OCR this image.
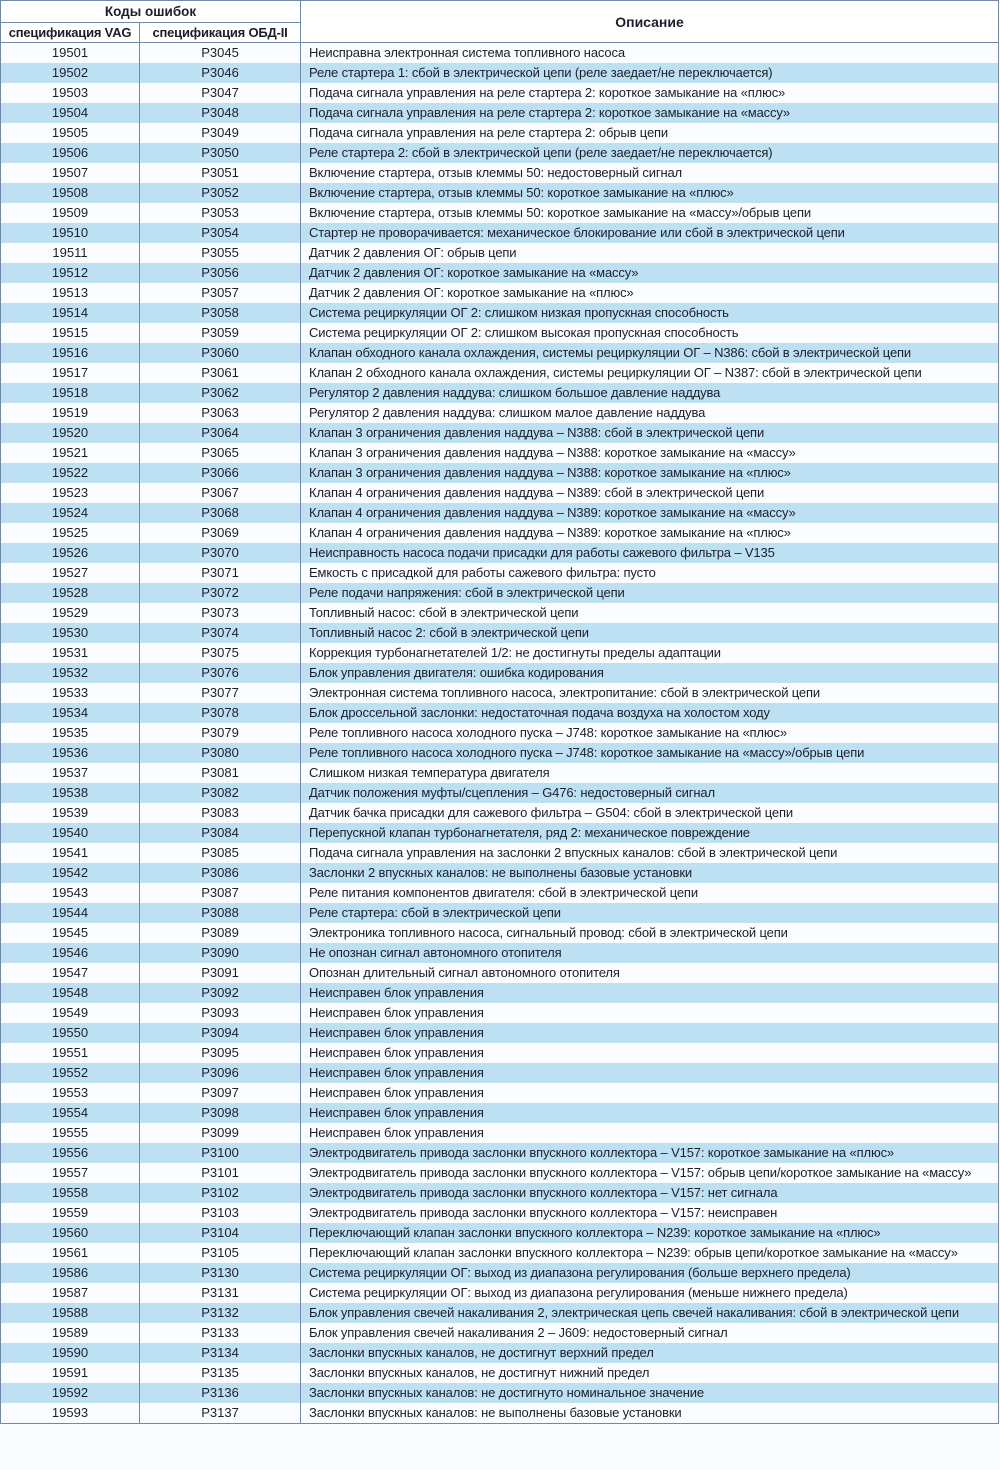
Коды ошибок		Описание
спецификация VAG	спецификация ОБД-II	
19501	P3045	Неисправна электронная система топливного насоса
19502	P3046	Реле стартера 1: сбой в электрической цепи (реле заедает/не переключается)
19503	P3047	Подача сигнала управления на реле стартера 2: короткое замыкание на «плюс»
19504	P3048	Подача сигнала управления на реле стартера 2: короткое замыкание на «массу»
19505	P3049	Подача сигнала управления на реле стартера 2: обрыв цепи
19506	P3050	Реле стартера 2: сбой в электрической цепи (реле заедает/не переключается)
19507	P3051	Включение стартера, отзыв клеммы 50: недостоверный сигнал
19508	P3052	Включение стартера, отзыв клеммы 50: короткое замыкание на «плюс»
19509	P3053	Включение стартера, отзыв клеммы 50: короткое замыкание на «массу»/обрыв цепи
19510	P3054	Стартер не проворачивается: механическое блокирование или сбой в электрической цепи
19511	P3055	Датчик 2 давления ОГ: обрыв цепи
19512	P3056	Датчик 2 давления ОГ: короткое замыкание на «массу»
19513	P3057	Датчик 2 давления ОГ: короткое замыкание на «плюс»
19514	P3058	Система рециркуляции ОГ 2: слишком низкая пропускная способность
19515	P3059	Система рециркуляции ОГ 2: слишком высокая пропускная способность
19516	P3060	Клапан обходного канала охлаждения, системы рециркуляции ОГ – N386: сбой в электрической цепи
19517	P3061	Клапан 2 обходного канала охлаждения, системы рециркуляции ОГ – N387: сбой в электрической цепи
19518	P3062	Регулятор 2 давления наддува: слишком большое давление наддува
19519	P3063	Регулятор 2 давления наддува: слишком малое давление наддува
19520	P3064	Клапан 3 ограничения давления наддува – N388: сбой в электрической цепи
19521	P3065	Клапан 3 ограничения давления наддува – N388: короткое замыкание на «массу»
19522	P3066	Клапан 3 ограничения давления наддува – N388: короткое замыкание на «плюс»
19523	P3067	Клапан 4 ограничения давления наддува – N389: сбой в электрической цепи
19524	P3068	Клапан 4 ограничения давления наддува – N389: короткое замыкание на «массу»
19525	P3069	Клапан 4 ограничения давления наддува – N389: короткое замыкание на «плюс»
19526	P3070	Неисправность насоса подачи присадки для работы сажевого фильтра – V135
19527	P3071	Емкость с присадкой для работы сажевого фильтра: пусто
19528	P3072	Реле подачи напряжения: сбой в электрической цепи
19529	P3073	Топливный насос: сбой в электрической цепи
19530	P3074	Топливный насос 2: сбой в электрической цепи
19531	P3075	Коррекция турбонагнетателей 1/2: не достигнуты пределы адаптации
19532	P3076	Блок управления двигателя: ошибка кодирования
19533	P3077	Электронная система топливного насоса, электропитание: сбой в электрической цепи
19534	P3078	Блок дроссельной заслонки: недостаточная подача воздуха на холостом ходу
19535	P3079	Реле топливного насоса холодного пуска – J748: короткое замыкание на «плюс»
19536	P3080	Реле топливного насоса холодного пуска – J748: короткое замыкание на «массу»/обрыв цепи
19537	P3081	Слишком низкая температура двигателя
19538	P3082	Датчик положения муфты/сцепления – G476: недостоверный сигнал
19539	P3083	Датчик бачка присадки для сажевого фильтра – G504: сбой в электрической цепи
19540	P3084	Перепускной клапан турбонагнетателя, ряд 2: механическое повреждение
19541	P3085	Подача сигнала управления на заслонки 2 впускных каналов: сбой в электрической цепи
19542	P3086	Заслонки 2 впускных каналов: не выполнены базовые установки
19543	P3087	Реле питания компонентов двигателя: сбой в электрической цепи
19544	P3088	Реле стартера: сбой в электрической цепи
19545	P3089	Электроника топливного насоса, сигнальный провод: сбой в электрической цепи
19546	P3090	Не опознан сигнал автономного отопителя
19547	P3091	Опознан длительный сигнал автономного отопителя
19548	P3092	Неисправен блок управления
19549	P3093	Неисправен блок управления
19550	P3094	Неисправен блок управления
19551	P3095	Неисправен блок управления
19552	P3096	Неисправен блок управления
19553	P3097	Неисправен блок управления
19554	P3098	Неисправен блок управления
19555	P3099	Неисправен блок управления
19556	P3100	Электродвигатель привода заслонки впускного коллектора – V157: короткое замыкание на «плюс»
19557	P3101	Электродвигатель привода заслонки впускного коллектора – V157: обрыв цепи/короткое замыкание на «массу»
19558	P3102	Электродвигатель привода заслонки впускного коллектора – V157: нет сигнала
19559	P3103	Электродвигатель привода заслонки впускного коллектора – V157: неисправен
19560	P3104	Переключающий клапан заслонки впускного коллектора – N239: короткое замыкание на «плюс»
19561	P3105	Переключающий клапан заслонки впускного коллектора – N239: обрыв цепи/короткое замыкание на «массу»
19586	P3130	Система рециркуляции ОГ: выход из диапазона регулирования (больше верхнего предела)
19587	P3131	Система рециркуляции ОГ: выход из диапазона регулирования (меньше нижнего предела)
19588	P3132	Блок управления свечей накаливания 2, электрическая цепь свечей накаливания: сбой в электрической цепи
19589	P3133	Блок управления свечей накаливания 2 – J609: недостоверный сигнал
19590	P3134	Заслонки впускных каналов, не достигнут верхний предел
19591	P3135	Заслонки впускных каналов, не достигнут нижний предел
19592	P3136	Заслонки впускных каналов: не достигнуто номинальное значение
19593	P3137	Заслонки впускных каналов: не выполнены базовые установки
